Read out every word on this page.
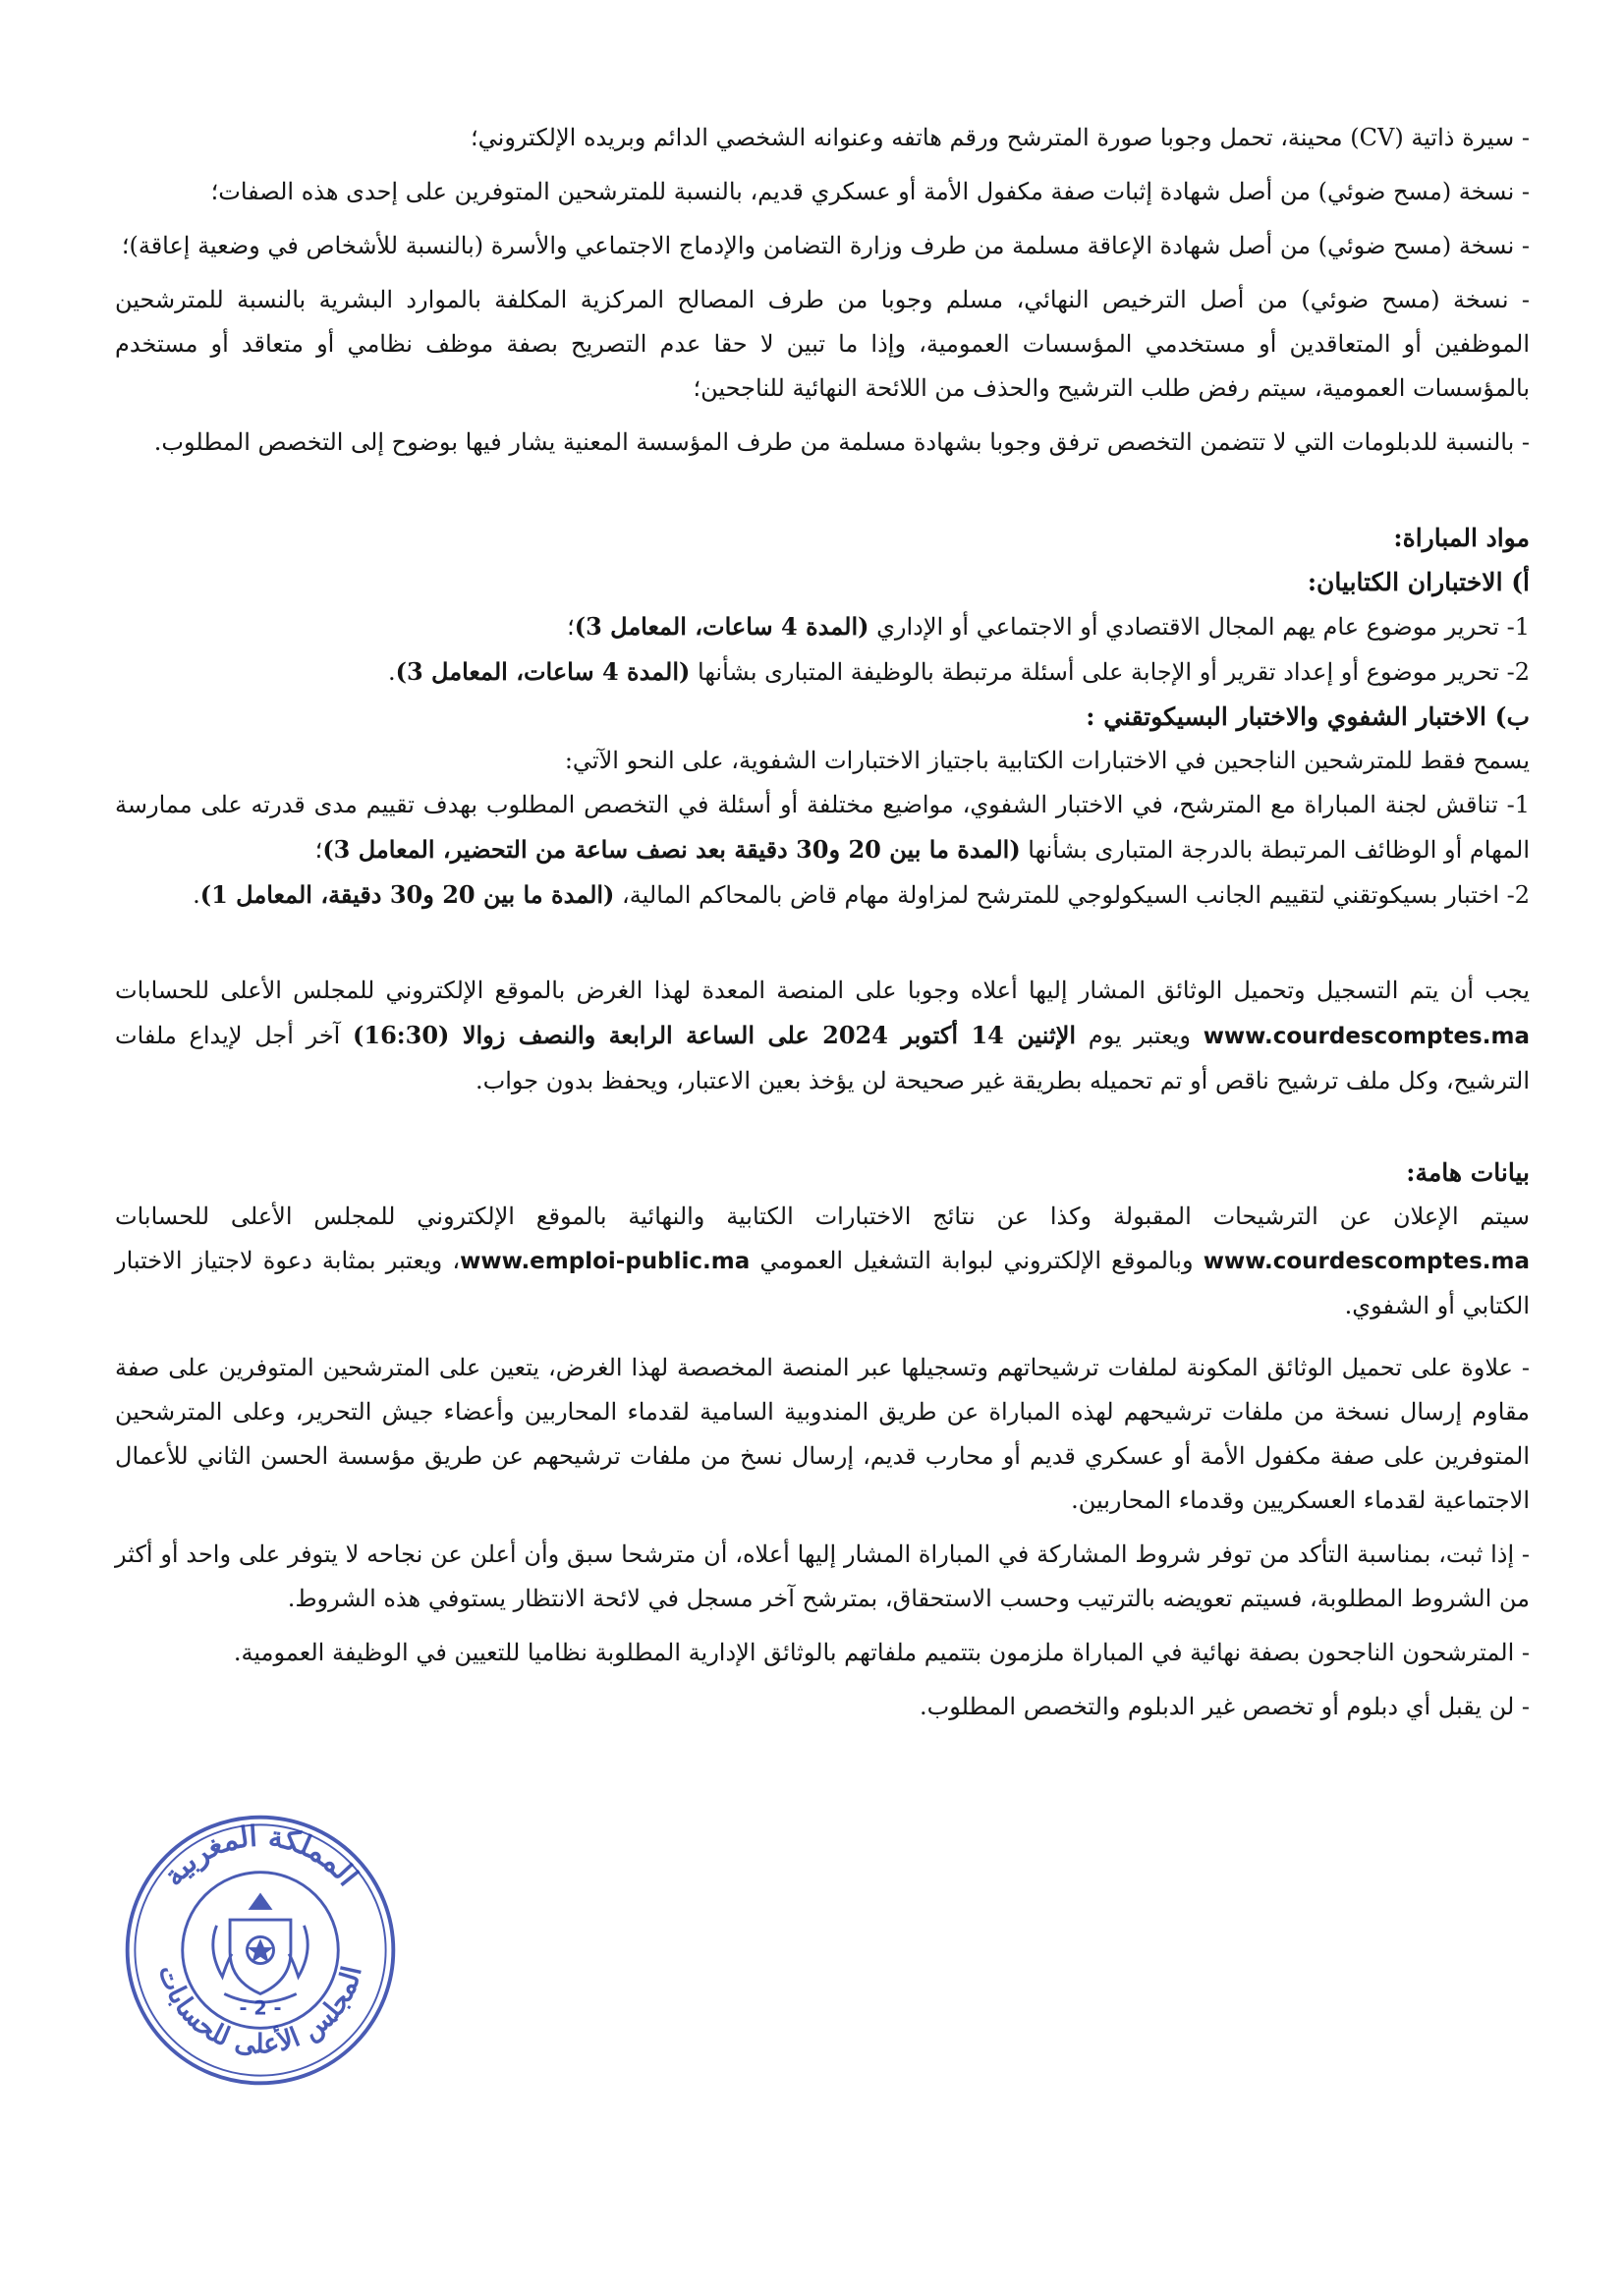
- سيرة ذاتية (CV) محينة، تحمل وجوبا صورة المترشح ورقم هاتفه وعنوانه الشخصي الدائم وبريده الإلكتروني؛

- نسخة (مسح ضوئي) من أصل شهادة إثبات صفة مكفول الأمة أو عسكري قديم، بالنسبة للمترشحين المتوفرين على إحدى هذه الصفات؛

- نسخة (مسح ضوئي) من أصل شهادة الإعاقة مسلمة من طرف وزارة التضامن والإدماج الاجتماعي والأسرة (بالنسبة للأشخاص في وضعية إعاقة)؛

- نسخة (مسح ضوئي) من أصل الترخيص النهائي، مسلم وجوبا من طرف المصالح المركزية المكلفة بالموارد البشرية بالنسبة للمترشحين الموظفين أو المتعاقدين أو مستخدمي المؤسسات العمومية، وإذا ما تبين لا حقا عدم التصريح بصفة موظف نظامي أو متعاقد أو مستخدم بالمؤسسات العمومية، سيتم رفض طلب الترشيح والحذف من اللائحة النهائية للناجحين؛

- بالنسبة للدبلومات التي لا تتضمن التخصص ترفق وجوبا بشهادة مسلمة من طرف المؤسسة المعنية يشار فيها بوضوح إلى التخصص المطلوب.

مواد المباراة:

أ) الاختباران الكتابيان:

1- تحرير موضوع عام يهم المجال الاقتصادي أو الاجتماعي أو الإداري (المدة 4 ساعات، المعامل 3)؛

2- تحرير موضوع أو إعداد تقرير أو الإجابة على أسئلة مرتبطة بالوظيفة المتبارى بشأنها (المدة 4 ساعات، المعامل 3).

ب) الاختبار الشفوي والاختبار البسيكوتقني :

يسمح فقط للمترشحين الناجحين في الاختبارات الكتابية باجتياز الاختبارات الشفوية، على النحو الآتي:

1- تناقش لجنة المباراة مع المترشح، في الاختبار الشفوي، مواضيع مختلفة أو أسئلة في التخصص المطلوب بهدف تقييم مدى قدرته على ممارسة المهام أو الوظائف المرتبطة بالدرجة المتبارى بشأنها (المدة ما بين 20 و30 دقيقة بعد نصف ساعة من التحضير، المعامل 3)؛

2- اختبار بسيكوتقني لتقييم الجانب السيكولوجي للمترشح لمزاولة مهام قاض بالمحاكم المالية، (المدة ما بين 20 و30 دقيقة، المعامل 1).

يجب أن يتم التسجيل وتحميل الوثائق المشار إليها أعلاه وجوبا على المنصة المعدة لهذا الغرض بالموقع الإلكتروني للمجلس الأعلى للحسابات www.courdescomptes.ma ويعتبر يوم الإثنين 14 أكتوبر 2024 على الساعة الرابعة والنصف زوالا (16:30) آخر أجل لإيداع ملفات الترشيح، وكل ملف ترشيح ناقص أو تم تحميله بطريقة غير صحيحة لن يؤخذ بعين الاعتبار، ويحفظ بدون جواب.

بيانات هامة:

سيتم الإعلان عن الترشيحات المقبولة وكذا عن نتائج الاختبارات الكتابية والنهائية بالموقع الإلكتروني للمجلس الأعلى للحسابات www.courdescomptes.ma وبالموقع الإلكتروني لبوابة التشغيل العمومي www.emploi-public.ma، ويعتبر بمثابة دعوة لاجتياز الاختبار الكتابي أو الشفوي.

- علاوة على تحميل الوثائق المكونة لملفات ترشيحاتهم وتسجيلها عبر المنصة المخصصة لهذا الغرض، يتعين على المترشحين المتوفرين على صفة مقاوم إرسال نسخة من ملفات ترشيحهم لهذه المباراة عن طريق المندوبية السامية لقدماء المحاربين وأعضاء جيش التحرير، وعلى المترشحين المتوفرين على صفة مكفول الأمة أو عسكري قديم أو محارب قديم، إرسال نسخ من ملفات ترشيحهم عن طريق مؤسسة الحسن الثاني للأعمال الاجتماعية لقدماء العسكريين وقدماء المحاربين.

- إذا ثبت، بمناسبة التأكد من توفر شروط المشاركة في المباراة المشار إليها أعلاه، أن مترشحا سبق وأن أعلن عن نجاحه لا يتوفر على واحد أو أكثر من الشروط المطلوبة، فسيتم تعويضه بالترتيب وحسب الاستحقاق، بمترشح آخر مسجل في لائحة الانتظار يستوفي هذه الشروط.

- المترشحون الناجحون بصفة نهائية في المباراة ملزمون بتتميم ملفاتهم بالوثائق الإدارية المطلوبة نظاميا للتعيين في الوظيفة العمومية.

- لن يقبل أي دبلوم أو تخصص غير الدبلوم والتخصص المطلوب.

المملكة المغربية
المجلس الأعلى للحسابات
- 2 -
